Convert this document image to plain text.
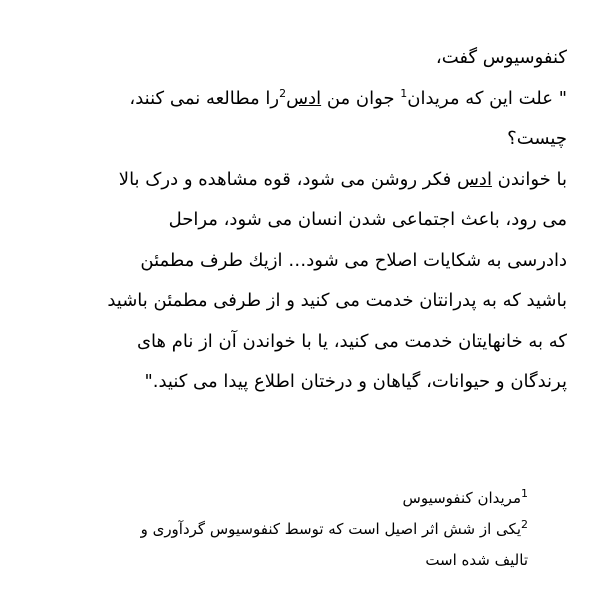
کنفوسیوس گفت،

" علت این که مریدان$^1$ جوان من ادس$^2$را مطالعه نمی کنند، چیست؟

با خواندن ادس فکر روشن می شود، قوه مشاهده و درک بالا می رود، باعث اجتماعی شدن انسان می شود، مراحل دادرسی به شکایات اصلاح می شود… ازیك طرف مطمئن باشید که به پدرانتان خدمت می کنید و از طرفی مطمئن باشید که به خانهایتان خدمت می کنید، یا با خواندن آن از نام های پرندگان و حیوانات، گیاهان و درختان اطلاع پیدا می کنید."

$^1$مریدان کنفوسیوس

$^2$یکی از شش اثر اصیل است که توسط کنفوسیوس گردآوری و تالیف شده است
